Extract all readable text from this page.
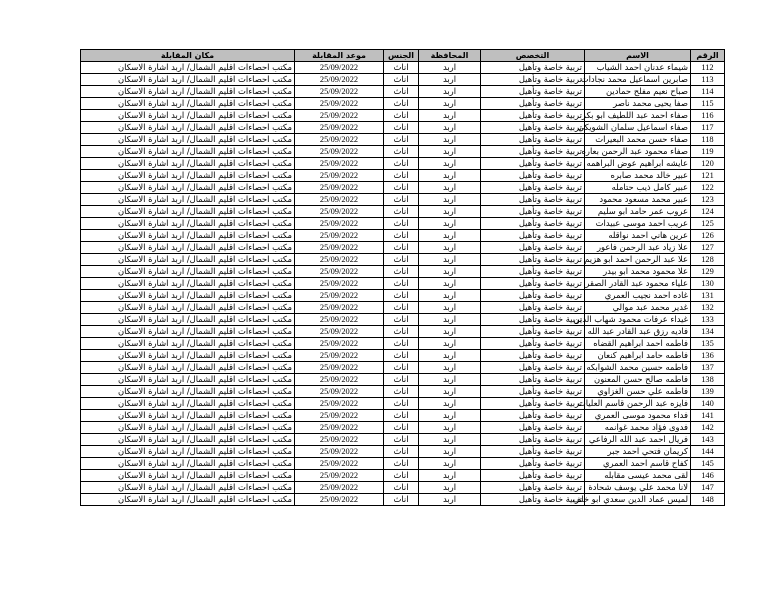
مكان المقابلة	موعد المقابلة	الجنس	المحافظة	التخصص	الاسم	الرقم
مكتب احصاءات اقليم الشمال/ اربد اشارة الاسكان	25/09/2022	اناث	اربد	تربية خاصة وتأهيل	شيماء عدنان احمد الشياب	112
مكتب احصاءات اقليم الشمال/ اربد اشارة الاسكان	25/09/2022	اناث	اربد	تربية خاصة وتأهيل	صابرين اسماعيل محمد نجادات	113
مكتب احصاءات اقليم الشمال/ اربد اشارة الاسكان	25/09/2022	اناث	اربد	تربية خاصة وتأهيل	صباح نعيم مفلح حمادين	114
مكتب احصاءات اقليم الشمال/ اربد اشارة الاسكان	25/09/2022	اناث	اربد	تربية خاصة وتأهيل	صفا يحيى محمد ناصر	115
مكتب احصاءات اقليم الشمال/ اربد اشارة الاسكان	25/09/2022	اناث	اربد	تربية خاصة وتأهيل	صفاء احمد عبد اللطيف ابو بكر	116
مكتب احصاءات اقليم الشمال/ اربد اشارة الاسكان	25/09/2022	اناث	اربد	تربية خاصة وتأهيل	صفاء اسماعيل سلمان الشويكي	117
مكتب احصاءات اقليم الشمال/ اربد اشارة الاسكان	25/09/2022	اناث	اربد	تربية خاصة وتأهيل	صفاء حسن محمد البعيرات	118
مكتب احصاءات اقليم الشمال/ اربد اشارة الاسكان	25/09/2022	اناث	اربد	تربية خاصة وتأهيل	صفاء محمود عبد الرحمن بعاره	119
مكتب احصاءات اقليم الشمال/ اربد اشارة الاسكان	25/09/2022	اناث	اربد	تربية خاصة وتأهيل	عايشه ابراهيم عوض البراهمه	120
مكتب احصاءات اقليم الشمال/ اربد اشارة الاسكان	25/09/2022	اناث	اربد	تربية خاصة وتأهيل	عبير خالد محمد صابره	121
مكتب احصاءات اقليم الشمال/ اربد اشارة الاسكان	25/09/2022	اناث	اربد	تربية خاصة وتأهيل	عبير كامل ذيب حتامله	122
مكتب احصاءات اقليم الشمال/ اربد اشارة الاسكان	25/09/2022	اناث	اربد	تربية خاصة وتأهيل	عبير محمد مسعود محمود	123
مكتب احصاءات اقليم الشمال/ اربد اشارة الاسكان	25/09/2022	اناث	اربد	تربية خاصة وتأهيل	عروب عمر حامد ابو سليم	124
مكتب احصاءات اقليم الشمال/ اربد اشارة الاسكان	25/09/2022	اناث	اربد	تربية خاصة وتأهيل	عريب احمد موسى عبيدات	125
مكتب احصاءات اقليم الشمال/ اربد اشارة الاسكان	25/09/2022	اناث	اربد	تربية خاصة وتأهيل	عرين هاني احمد نواقله	126
مكتب احصاءات اقليم الشمال/ اربد اشارة الاسكان	25/09/2022	اناث	اربد	تربية خاصة وتأهيل	علا زياد عبد الرحمن فاعور	127
مكتب احصاءات اقليم الشمال/ اربد اشارة الاسكان	25/09/2022	اناث	اربد	تربية خاصة وتأهيل	علا عبد الرحمن احمد ابو هزيم	128
مكتب احصاءات اقليم الشمال/ اربد اشارة الاسكان	25/09/2022	اناث	اربد	تربية خاصة وتأهيل	علا محمود محمد ابو بيدر	129
مكتب احصاءات اقليم الشمال/ اربد اشارة الاسكان	25/09/2022	اناث	اربد	تربية خاصة وتأهيل	علياء محمود عبد القادر الصقر	130
مكتب احصاءات اقليم الشمال/ اربد اشارة الاسكان	25/09/2022	اناث	اربد	تربية خاصة وتأهيل	غاده احمد نجيب العمري	131
مكتب احصاءات اقليم الشمال/ اربد اشارة الاسكان	25/09/2022	اناث	اربد	تربية خاصة وتأهيل	غدير محمد عبد موالي	132
مكتب احصاءات اقليم الشمال/ اربد اشارة الاسكان	25/09/2022	اناث	اربد	تربية خاصة وتأهيل	غيداء عرفات محمود شهاب الدين	133
مكتب احصاءات اقليم الشمال/ اربد اشارة الاسكان	25/09/2022	اناث	اربد	تربية خاصة وتأهيل	فاديه رزق عبد القادر عبد الله	134
مكتب احصاءات اقليم الشمال/ اربد اشارة الاسكان	25/09/2022	اناث	اربد	تربية خاصة وتأهيل	فاطمه احمد ابراهيم القضاه	135
مكتب احصاءات اقليم الشمال/ اربد اشارة الاسكان	25/09/2022	اناث	اربد	تربية خاصة وتأهيل	فاطمه حامد ابراهيم كنعان	136
مكتب احصاءات اقليم الشمال/ اربد اشارة الاسكان	25/09/2022	اناث	اربد	تربية خاصة وتأهيل	فاطمه حسين محمد الشوابكه	137
مكتب احصاءات اقليم الشمال/ اربد اشارة الاسكان	25/09/2022	اناث	اربد	تربية خاصة وتأهيل	فاطمه صالح حسن المعنون	138
مكتب احصاءات اقليم الشمال/ اربد اشارة الاسكان	25/09/2022	اناث	اربد	تربية خاصة وتأهيل	فاطمه علي حسن الغزاوي	139
مكتب احصاءات اقليم الشمال/ اربد اشارة الاسكان	25/09/2022	اناث	اربد	تربية خاصة وتأهيل	فايزه عبد الرحمن قاسم العليات	140
مكتب احصاءات اقليم الشمال/ اربد اشارة الاسكان	25/09/2022	اناث	اربد	تربية خاصة وتأهيل	فداء محمود موسى العمري	141
مكتب احصاءات اقليم الشمال/ اربد اشارة الاسكان	25/09/2022	اناث	اربد	تربية خاصة وتأهيل	فدوى فؤاد محمد غوانمه	142
مكتب احصاءات اقليم الشمال/ اربد اشارة الاسكان	25/09/2022	اناث	اربد	تربية خاصة وتأهيل	فريال احمد عبد الله الرفاعي	143
مكتب احصاءات اقليم الشمال/ اربد اشارة الاسكان	25/09/2022	اناث	اربد	تربية خاصة وتأهيل	كريمان فتحي احمد جبر	144
مكتب احصاءات اقليم الشمال/ اربد اشارة الاسكان	25/09/2022	اناث	اربد	تربية خاصة وتأهيل	كفاح قاسم احمد العمري	145
مكتب احصاءات اقليم الشمال/ اربد اشارة الاسكان	25/09/2022	اناث	اربد	تربية خاصة وتأهيل	لقى محمد عيسى مقابله	146
مكتب احصاءات اقليم الشمال/ اربد اشارة الاسكان	25/09/2022	اناث	اربد	تربية خاصة وتأهيل	لانا محمد علي يوسف شحادة	147
مكتب احصاءات اقليم الشمال/ اربد اشارة الاسكان	25/09/2022	اناث	اربد	تربية خاصة وتأهيل	لميس عماد الدين سعدي ابو خلف	148
